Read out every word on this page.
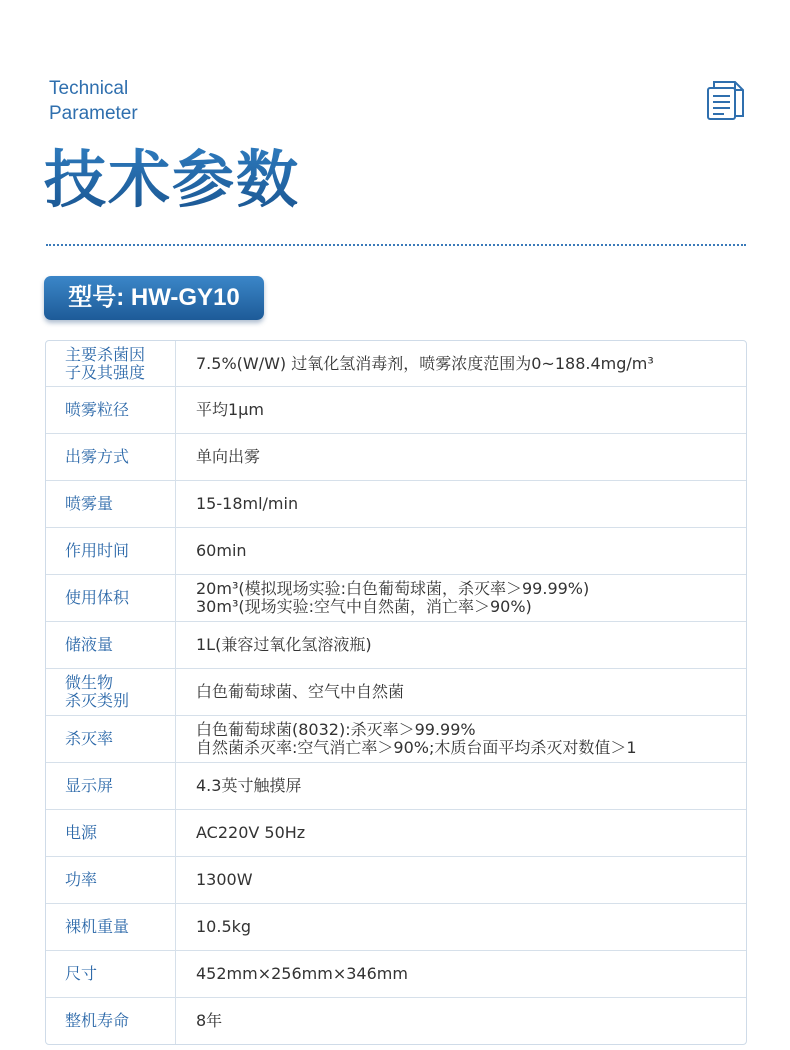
Technical
Parameter
技术参数
型号: HW-GY10
主要杀菌因
子及其强度	7.5%(W/W) 过氧化氢消毒剂，喷雾浓度范围为0~188.4mg/m³
喷雾粒径	平均1μm
出雾方式	单向出雾
喷雾量	15-18ml/min
作用时间	60min
使用体积	20m³(模拟现场实验:白色葡萄球菌，杀灭率＞99.99%)
30m³(现场实验:空气中自然菌，消亡率＞90%)
储液量	1L(兼容过氧化氢溶液瓶)
微生物
杀灭类别	白色葡萄球菌、空气中自然菌
杀灭率	白色葡萄球菌(8032):杀灭率＞99.99%
自然菌杀灭率:空气消亡率＞90%;木质台面平均杀灭对数值＞1
显示屏	4.3英寸触摸屏
电源	AC220V 50Hz
功率	1300W
裸机重量	10.5kg
尺寸	452mm×256mm×346mm
整机寿命	8年
